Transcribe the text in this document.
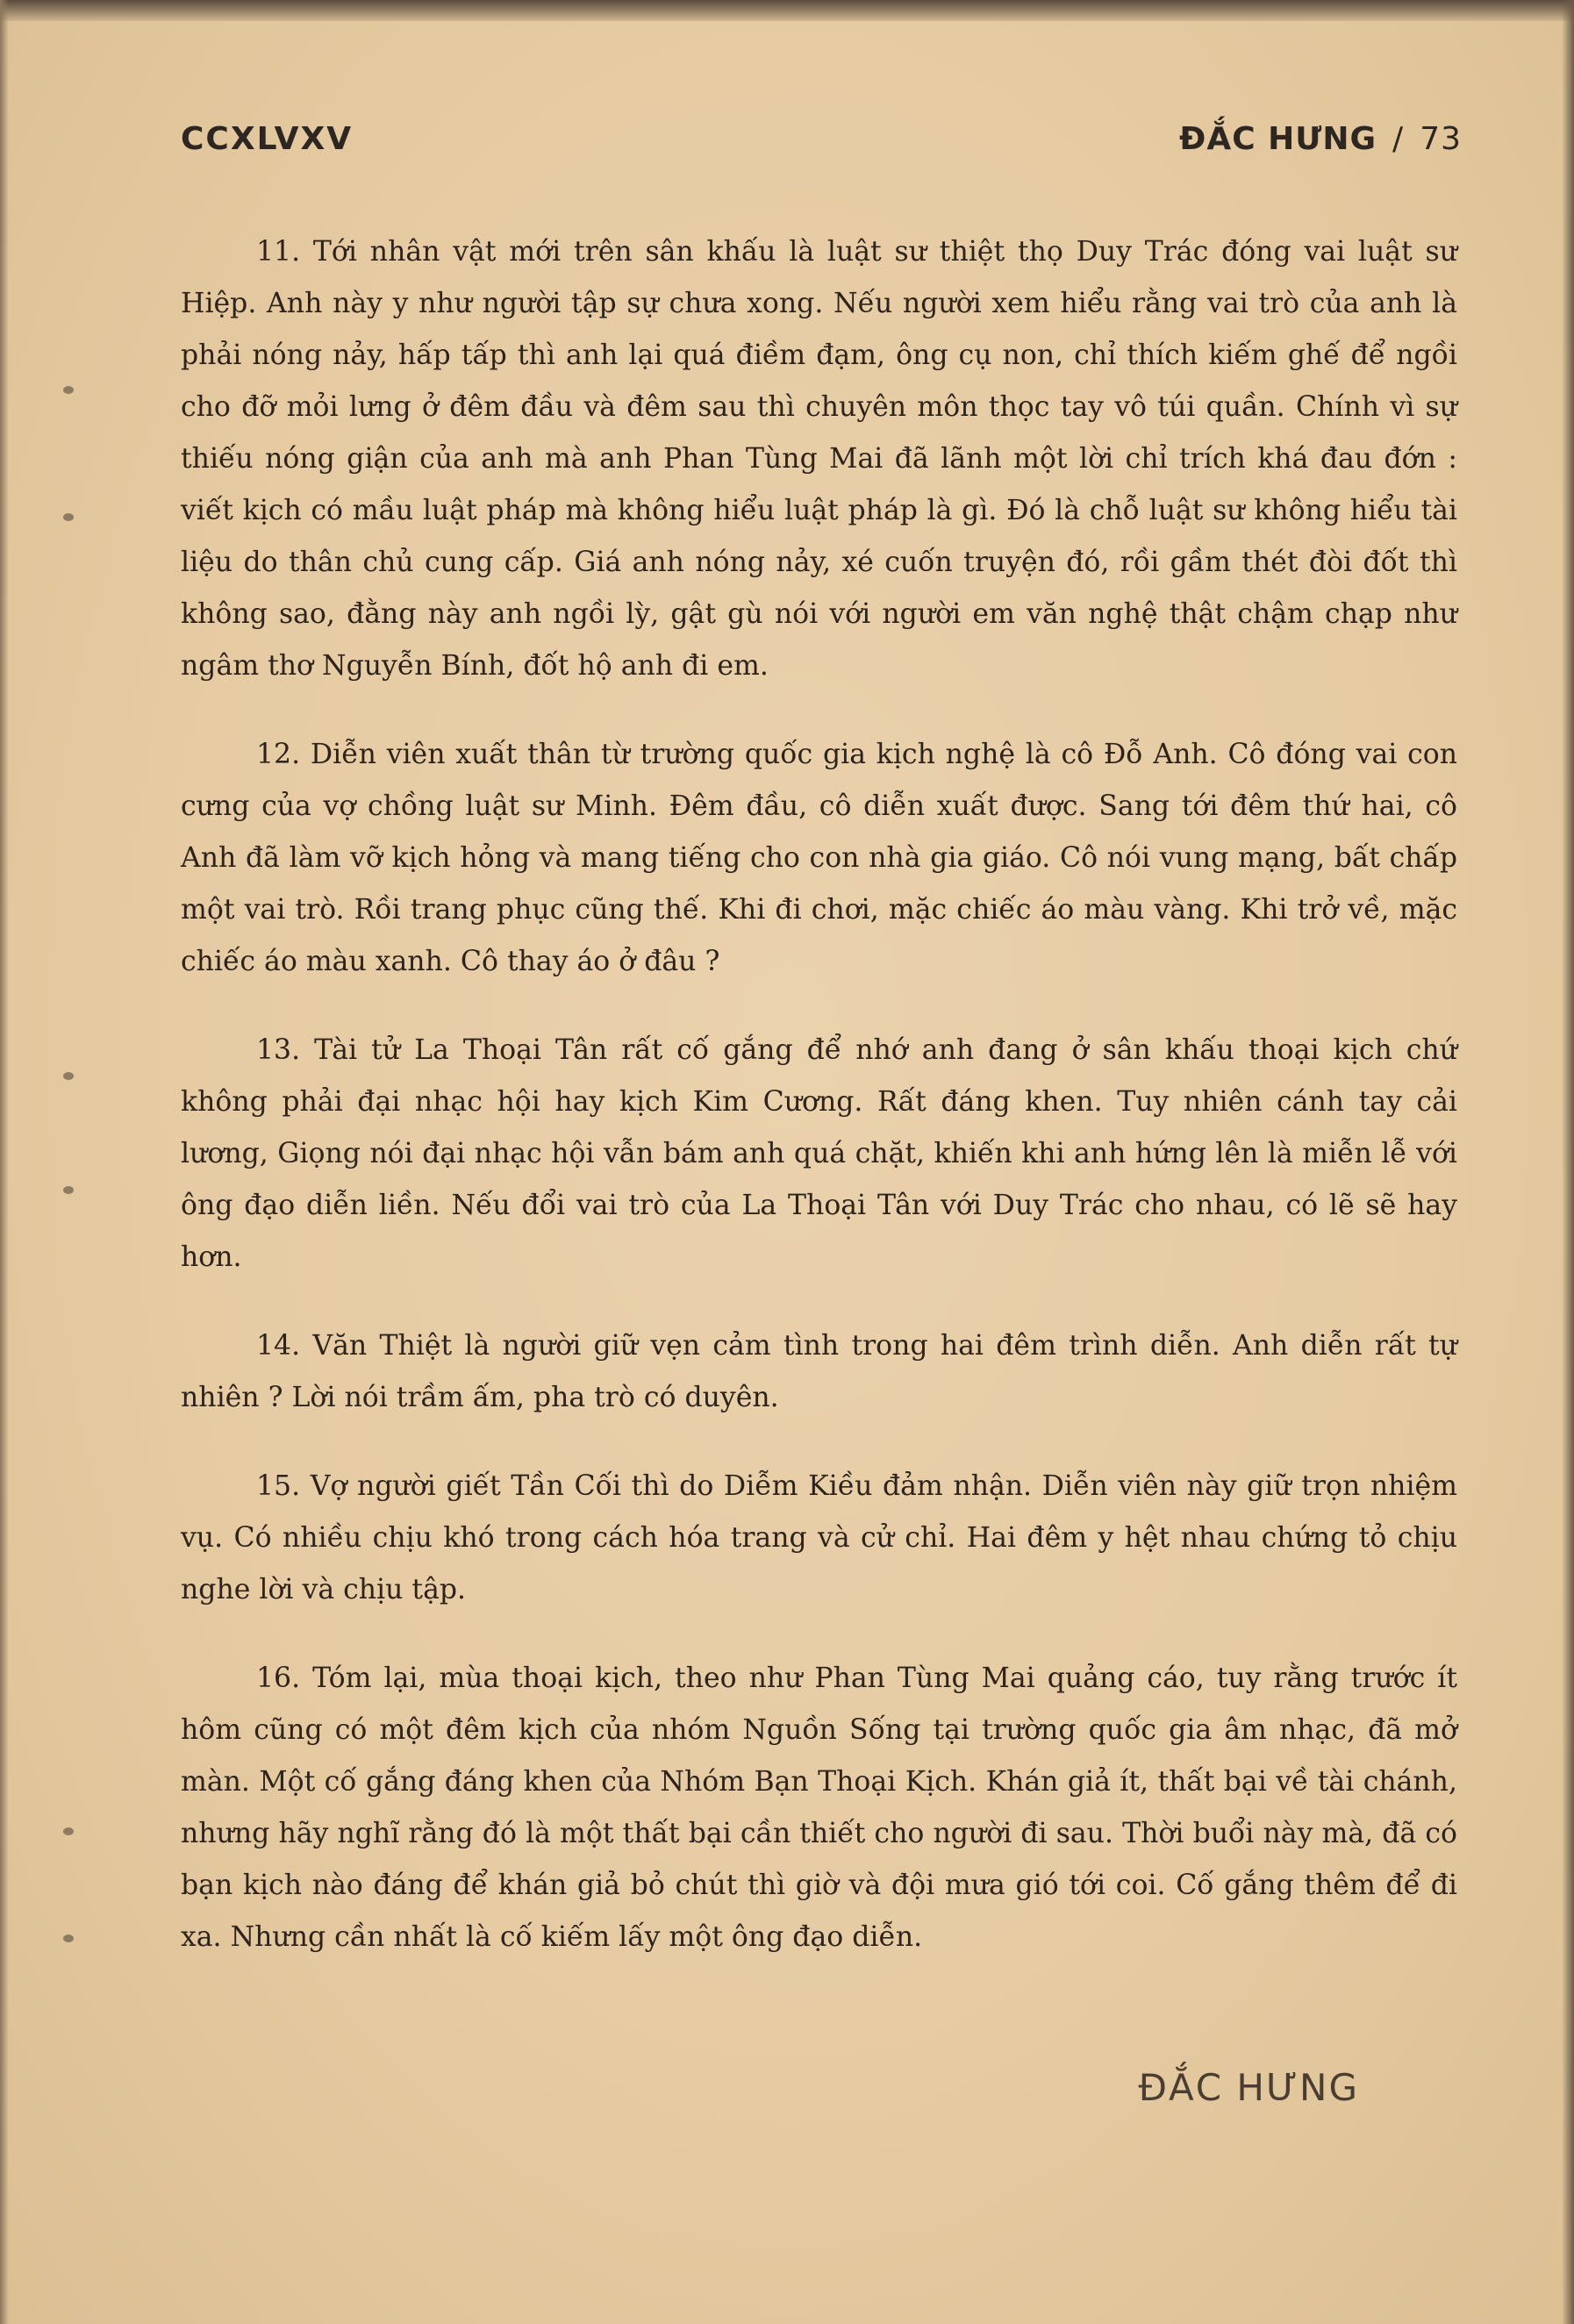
CCXLVXV	ĐẮC HƯNG / 73

11. Tới nhân vật mới trên sân khấu là luật sư thiệt thọ Duy Trác đóng vai luật sư Hiệp. Anh này y như người tập sự chưa xong. Nếu người xem hiểu rằng vai trò của anh là phải nóng nảy, hấp tấp thì anh lại quá điềm đạm, ông cụ non, chỉ thích kiếm ghế để ngồi cho đỡ mỏi lưng ở đêm đầu và đêm sau thì chuyên môn thọc tay vô túi quần. Chính vì sự thiếu nóng giận của anh mà anh Phan Tùng Mai đã lãnh một lời chỉ trích khá đau đớn : viết kịch có mầu luật pháp mà không hiểu luật pháp là gì. Đó là chỗ luật sư không hiểu tài liệu do thân chủ cung cấp. Giá anh nóng nảy, xé cuốn truyện đó, rồi gầm thét đòi đốt thì không sao, đằng này anh ngồi lỳ, gật gù nói với người em văn nghệ thật chậm chạp như ngâm thơ Nguyễn Bính, đốt hộ anh đi em.

12. Diễn viên xuất thân từ trường quốc gia kịch nghệ là cô Đỗ Anh. Cô đóng vai con cưng của vợ chồng luật sư Minh. Đêm đầu, cô diễn xuất được. Sang tới đêm thứ hai, cô Anh đã làm vỡ kịch hỏng và mang tiếng cho con nhà gia giáo. Cô nói vung mạng, bất chấp một vai trò. Rồi trang phục cũng thế. Khi đi chơi, mặc chiếc áo màu vàng. Khi trở về, mặc chiếc áo màu xanh. Cô thay áo ở đâu ?

13. Tài tử La Thoại Tân rất cố gắng để nhớ anh đang ở sân khấu thoại kịch chứ không phải đại nhạc hội hay kịch Kim Cương. Rất đáng khen. Tuy nhiên cánh tay cải lương, Giọng nói đại nhạc hội vẫn bám anh quá chặt, khiến khi anh hứng lên là miễn lễ với ông đạo diễn liền. Nếu đổi vai trò của La Thoại Tân với Duy Trác cho nhau, có lẽ sẽ hay hơn.

14. Văn Thiệt là người giữ vẹn cảm tình trong hai đêm trình diễn. Anh diễn rất tự nhiên ? Lời nói trầm ấm, pha trò có duyên.

15. Vợ người giết Tần Cối thì do Diễm Kiều đảm nhận. Diễn viên này giữ trọn nhiệm vụ. Có nhiều chịu khó trong cách hóa trang và cử chỉ. Hai đêm y hệt nhau chứng tỏ chịu nghe lời và chịu tập.

16. Tóm lại, mùa thoại kịch, theo như Phan Tùng Mai quảng cáo, tuy rằng trước ít hôm cũng có một đêm kịch của nhóm Nguồn Sống tại trường quốc gia âm nhạc, đã mở màn. Một cố gắng đáng khen của Nhóm Bạn Thoại Kịch. Khán giả ít, thất bại về tài chánh, nhưng hãy nghĩ rằng đó là một thất bại cần thiết cho người đi sau. Thời buổi này mà, đã có bạn kịch nào đáng để khán giả bỏ chút thì giờ và đội mưa gió tới coi. Cố gắng thêm để đi xa. Nhưng cần nhất là cố kiếm lấy một ông đạo diễn.

ĐẮC HƯNG
